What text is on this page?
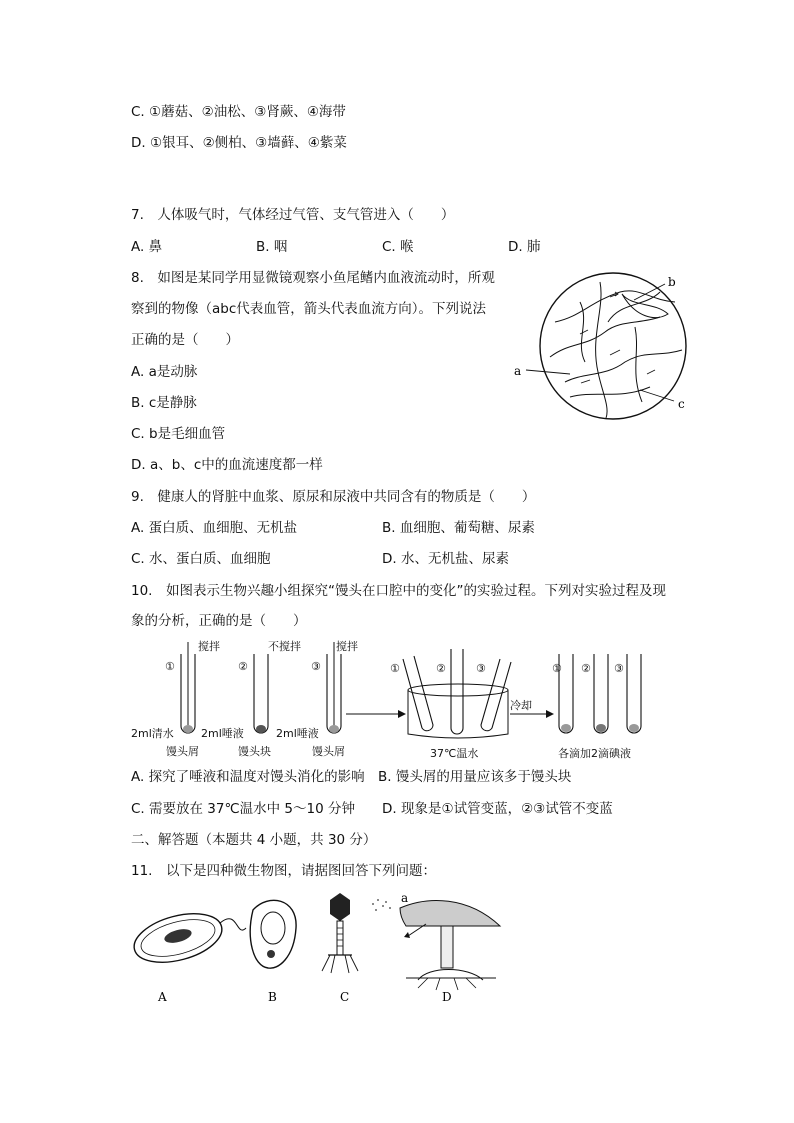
C. ①蘑菇、②油松、③肾蕨、④海带
D. ①银耳、②侧柏、③墙藓、④紫菜
7.　人体吸气时，气体经过气管、支气管进入（　　）
A. 鼻	B. 咽	C. 喉	D. 肺
8.　如图是某同学用显微镜观察小鱼尾鳍内血液流动时，所观
察到的物像（abc代表血管，箭头代表血流方向）。下列说法
正确的是（　　）
A. a是动脉
B. c是静脉
C. b是毛细血管
D. a、b、c中的血流速度都一样
b
a
c
9.　健康人的肾脏中血浆、原尿和尿液中共同含有的物质是（　　）
A. 蛋白质、血细胞、无机盐	B. 血细胞、葡萄糖、尿素
C. 水、蛋白质、血细胞	D. 水、无机盐、尿素
10.　如图表示生物兴趣小组探究“馒头在口腔中的变化”的实验过程。下列对实验过程及现
象的分析，正确的是（　　）
①
搅拌
2ml清水
馒头屑
②
不搅拌
2ml唾液
馒头块
③
搅拌
2ml唾液
馒头屑
①	②	③
37℃温水
冷却
① ② ③
各滴加2滴碘液
A. 探究了唾液和温度对馒头消化的影响 B. 馒头屑的用量应该多于馒头块
C. 需要放在 37℃温水中 5～10 分钟 D. 现象是①试管变蓝，②③试管不变蓝
二、解答题（本题共 4 小题，共 30 分）
11.　以下是四种微生物图，请据图回答下列问题：
A	B	C
a
D
